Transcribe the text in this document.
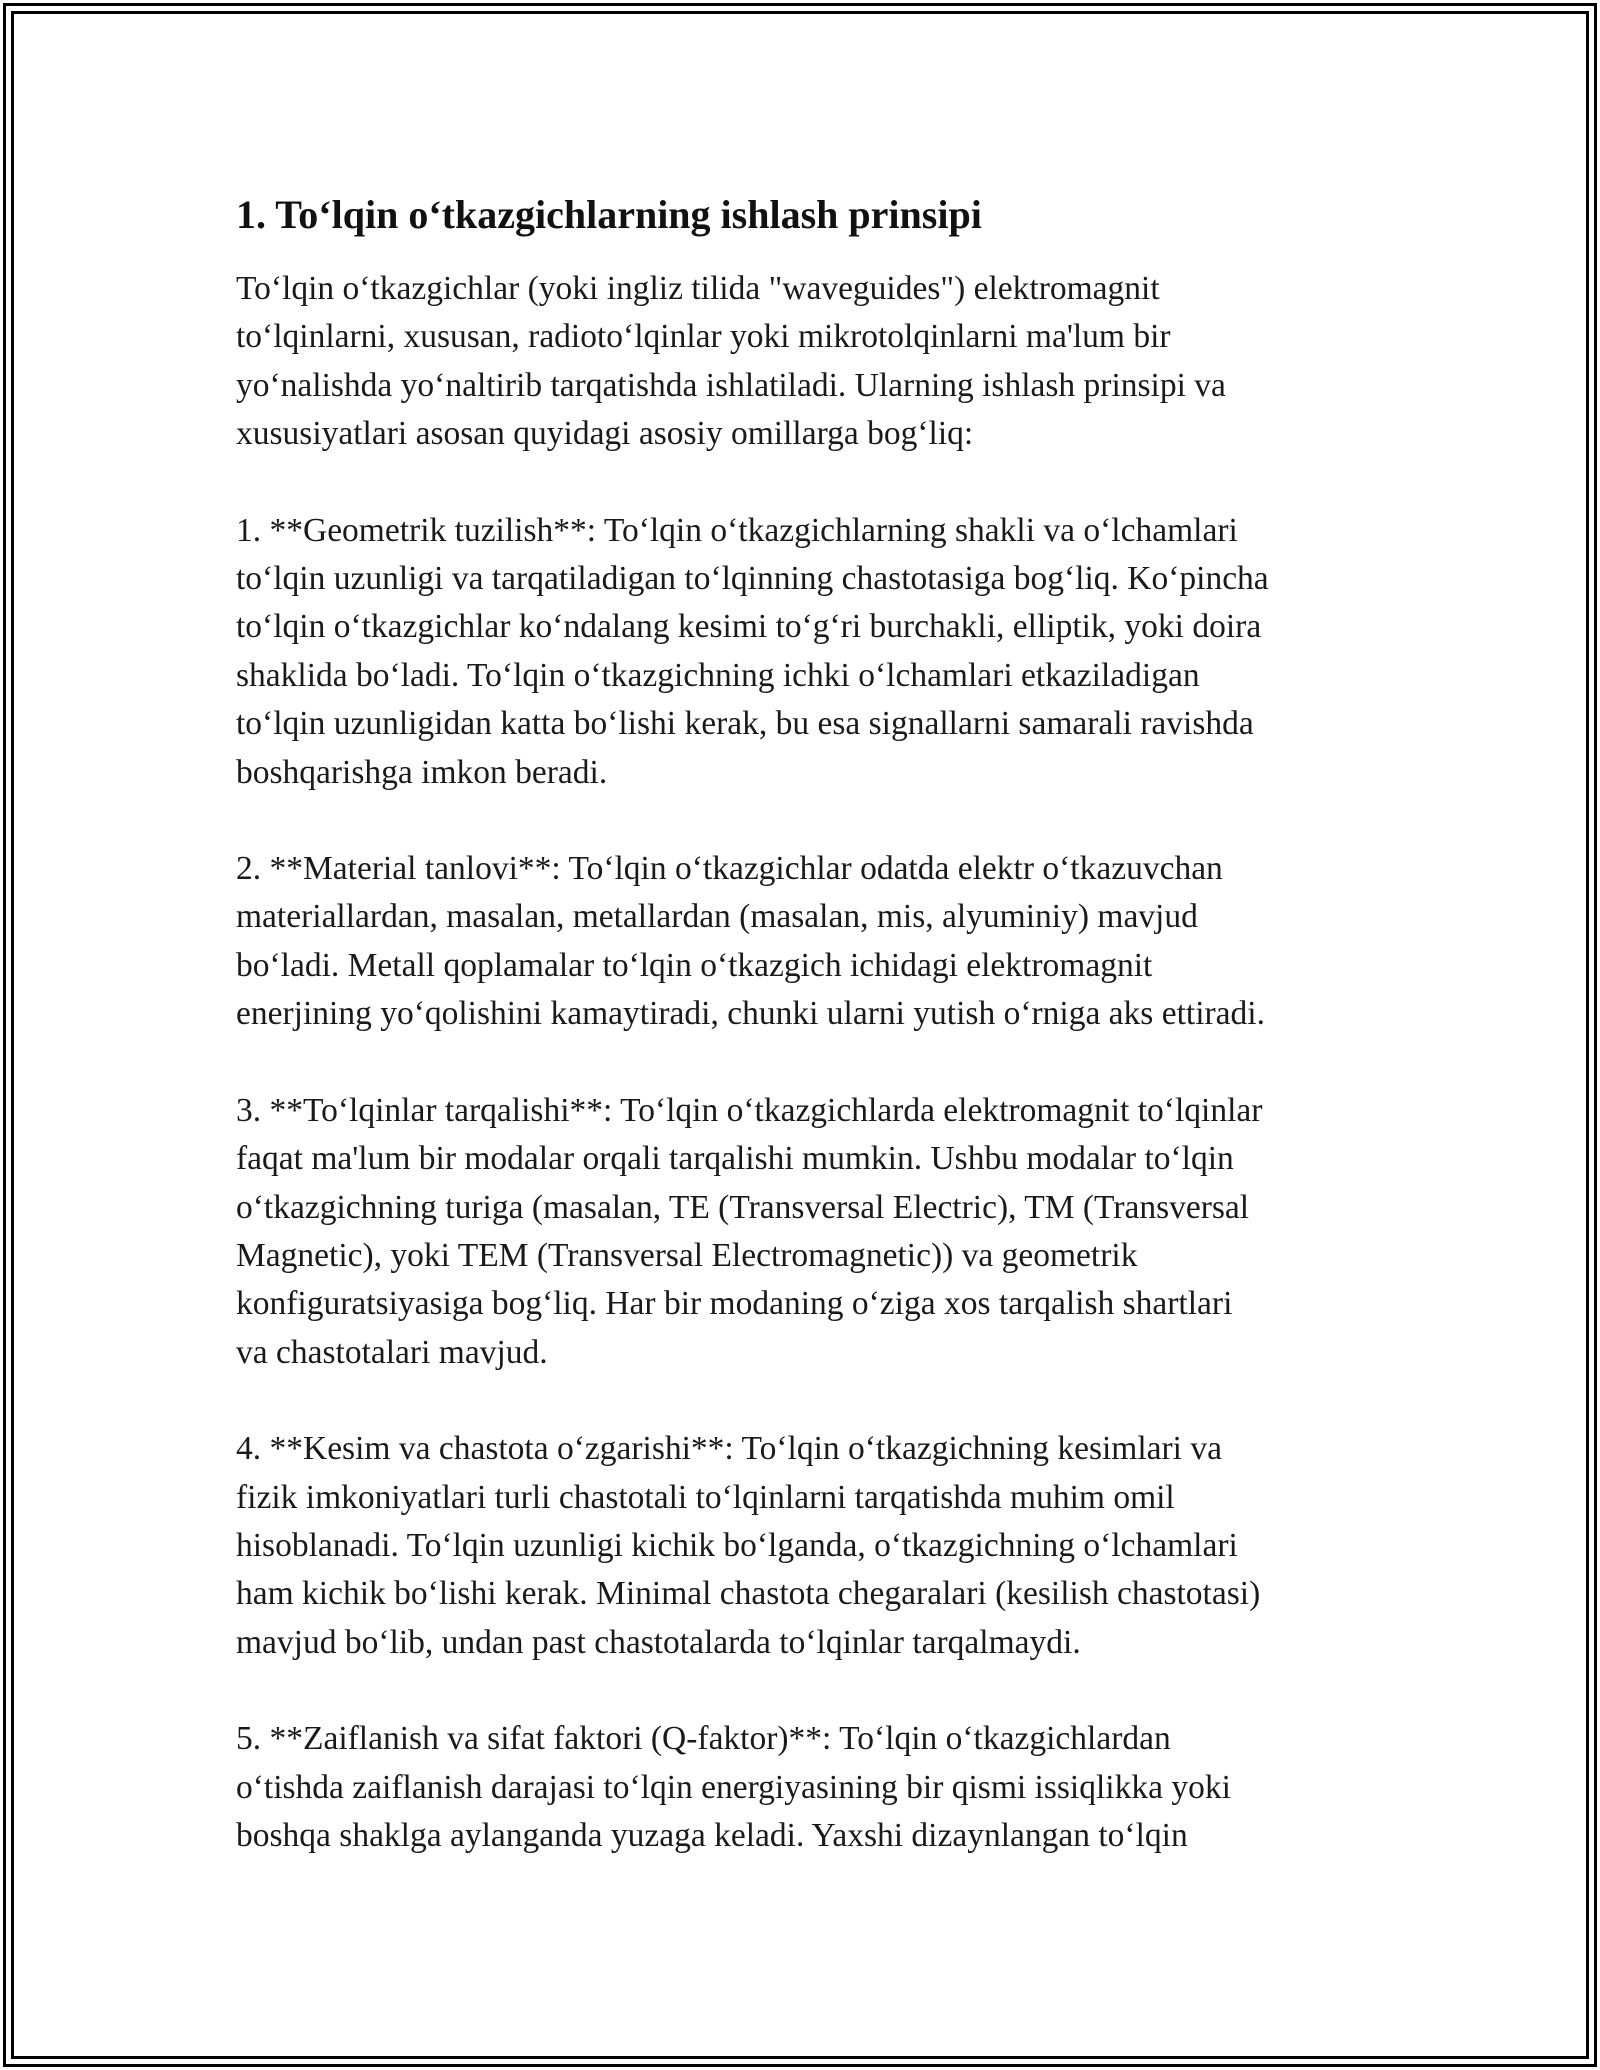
1. To‘lqin o‘tkazgichlarning ishlash prinsipi

To‘lqin o‘tkazgichlar (yoki ingliz tilida "waveguides") elektromagnit
to‘lqinlarni, xususan, radioto‘lqinlar yoki mikrotolqinlarni ma'lum bir
yo‘nalishda yo‘naltirib tarqatishda ishlatiladi. Ularning ishlash prinsipi va
xususiyatlari asosan quyidagi asosiy omillarga bog‘liq:

1. **Geometrik tuzilish**: To‘lqin o‘tkazgichlarning shakli va o‘lchamlari
to‘lqin uzunligi va tarqatiladigan to‘lqinning chastotasiga bog‘liq. Ko‘pincha
to‘lqin o‘tkazgichlar ko‘ndalang kesimi to‘g‘ri burchakli, elliptik, yoki doira
shaklida bo‘ladi. To‘lqin o‘tkazgichning ichki o‘lchamlari etkaziladigan
to‘lqin uzunligidan katta bo‘lishi kerak, bu esa signallarni samarali ravishda
boshqarishga imkon beradi.

2. **Material tanlovi**: To‘lqin o‘tkazgichlar odatda elektr o‘tkazuvchan
materiallardan, masalan, metallardan (masalan, mis, alyuminiy) mavjud
bo‘ladi. Metall qoplamalar to‘lqin o‘tkazgich ichidagi elektromagnit
enerjining yo‘qolishini kamaytiradi, chunki ularni yutish o‘rniga aks ettiradi.

3. **To‘lqinlar tarqalishi**: To‘lqin o‘tkazgichlarda elektromagnit to‘lqinlar
faqat ma'lum bir modalar orqali tarqalishi mumkin. Ushbu modalar to‘lqin
o‘tkazgichning turiga (masalan, TE (Transversal Electric), TM (Transversal
Magnetic), yoki TEM (Transversal Electromagnetic)) va geometrik
konfiguratsiyasiga bog‘liq. Har bir modaning o‘ziga xos tarqalish shartlari
va chastotalari mavjud.

4. **Kesim va chastota o‘zgarishi**: To‘lqin o‘tkazgichning kesimlari va
fizik imkoniyatlari turli chastotali to‘lqinlarni tarqatishda muhim omil
hisoblanadi. To‘lqin uzunligi kichik bo‘lganda, o‘tkazgichning o‘lchamlari
ham kichik bo‘lishi kerak. Minimal chastota chegaralari (kesilish chastotasi)
mavjud bo‘lib, undan past chastotalarda to‘lqinlar tarqalmaydi.

5. **Zaiflanish va sifat faktori (Q-faktor)**: To‘lqin o‘tkazgichlardan
o‘tishda zaiflanish darajasi to‘lqin energiyasining bir qismi issiqlikka yoki
boshqa shaklga aylanganda yuzaga keladi. Yaxshi dizaynlangan to‘lqin
